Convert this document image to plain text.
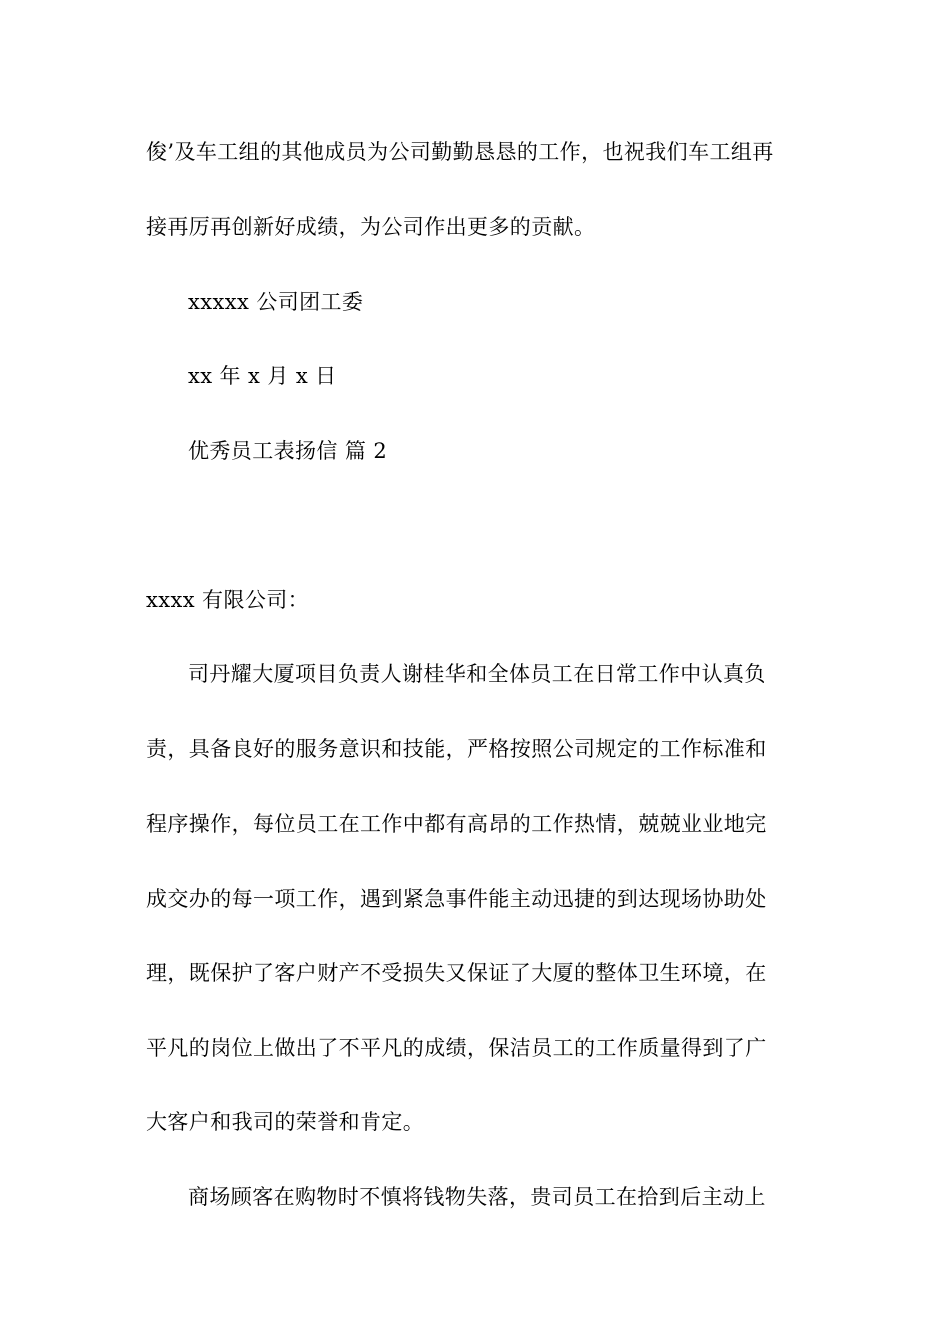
俊’及车工组的其他成员为公司勤勤恳恳的工作，也祝我们车工组再
接再厉再创新好成绩，为公司作出更多的贡献。
xxxxx 公司团工委
xx 年 x 月 x 日
优秀员工表扬信 篇 2
xxxx 有限公司：
司丹耀大厦项目负责人谢桂华和全体员工在日常工作中认真负
责，具备良好的服务意识和技能，严格按照公司规定的工作标准和
程序操作，每位员工在工作中都有高昂的工作热情，兢兢业业地完
成交办的每一项工作，遇到紧急事件能主动迅捷的到达现场协助处
理，既保护了客户财产不受损失又保证了大厦的整体卫生环境，在
平凡的岗位上做出了不平凡的成绩，保洁员工的工作质量得到了广
大客户和我司的荣誉和肯定。
商场顾客在购物时不慎将钱物失落，贵司员工在拾到后主动上
